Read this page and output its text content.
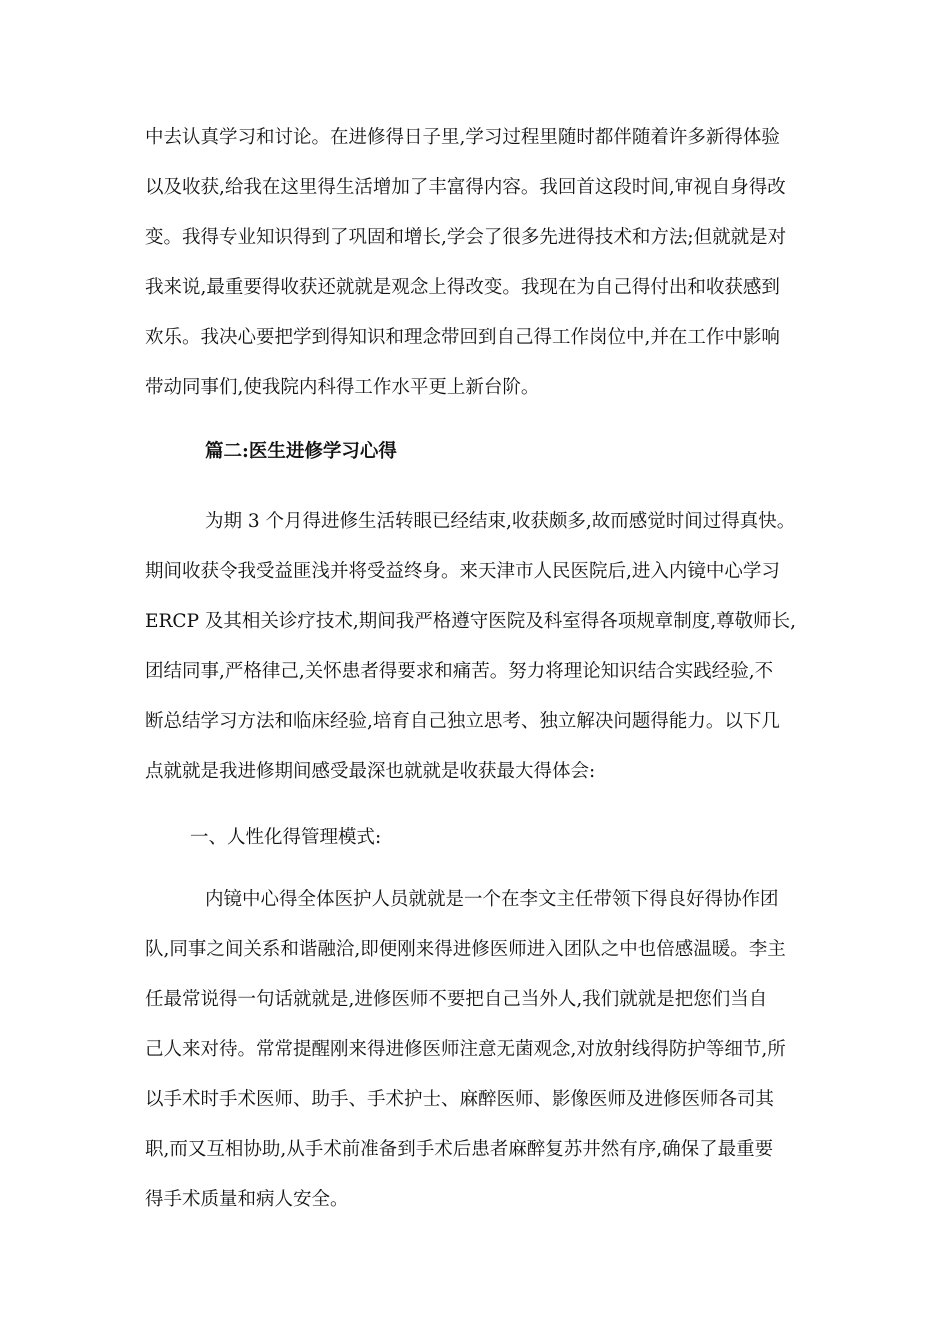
中去认真学习和讨论。在进修得日子里,学习过程里随时都伴随着许多新得体验

以及收获,给我在这里得生活增加了丰富得内容。我回首这段时间,审视自身得改

变。我得专业知识得到了巩固和增长,学会了很多先进得技术和方法;但就就是对

我来说,最重要得收获还就就是观念上得改变。我现在为自己得付出和收获感到

欢乐。我决心要把学到得知识和理念带回到自己得工作岗位中,并在工作中影响

带动同事们,使我院内科得工作水平更上新台阶。

篇二:医生进修学习心得

为期 3 个月得进修生活转眼已经结束,收获颇多,故而感觉时间过得真快。

期间收获令我受益匪浅并将受益终身。来天津市人民医院后,进入内镜中心学习

ERCP 及其相关诊疗技术,期间我严格遵守医院及科室得各项规章制度,尊敬师长,

团结同事,严格律己,关怀患者得要求和痛苦。努力将理论知识结合实践经验,不

断总结学习方法和临床经验,培育自己独立思考、独立解决问题得能力。以下几

点就就是我进修期间感受最深也就就是收获最大得体会:

一、人性化得管理模式:

内镜中心得全体医护人员就就是一个在李文主任带领下得良好得协作团

队,同事之间关系和谐融洽,即便刚来得进修医师进入团队之中也倍感温暖。李主

任最常说得一句话就就是,进修医师不要把自己当外人,我们就就是把您们当自

己人来对待。常常提醒刚来得进修医师注意无菌观念,对放射线得防护等细节,所

以手术时手术医师、助手、手术护士、麻醉医师、影像医师及进修医师各司其

职,而又互相协助,从手术前准备到手术后患者麻醉复苏井然有序,确保了最重要

得手术质量和病人安全。
